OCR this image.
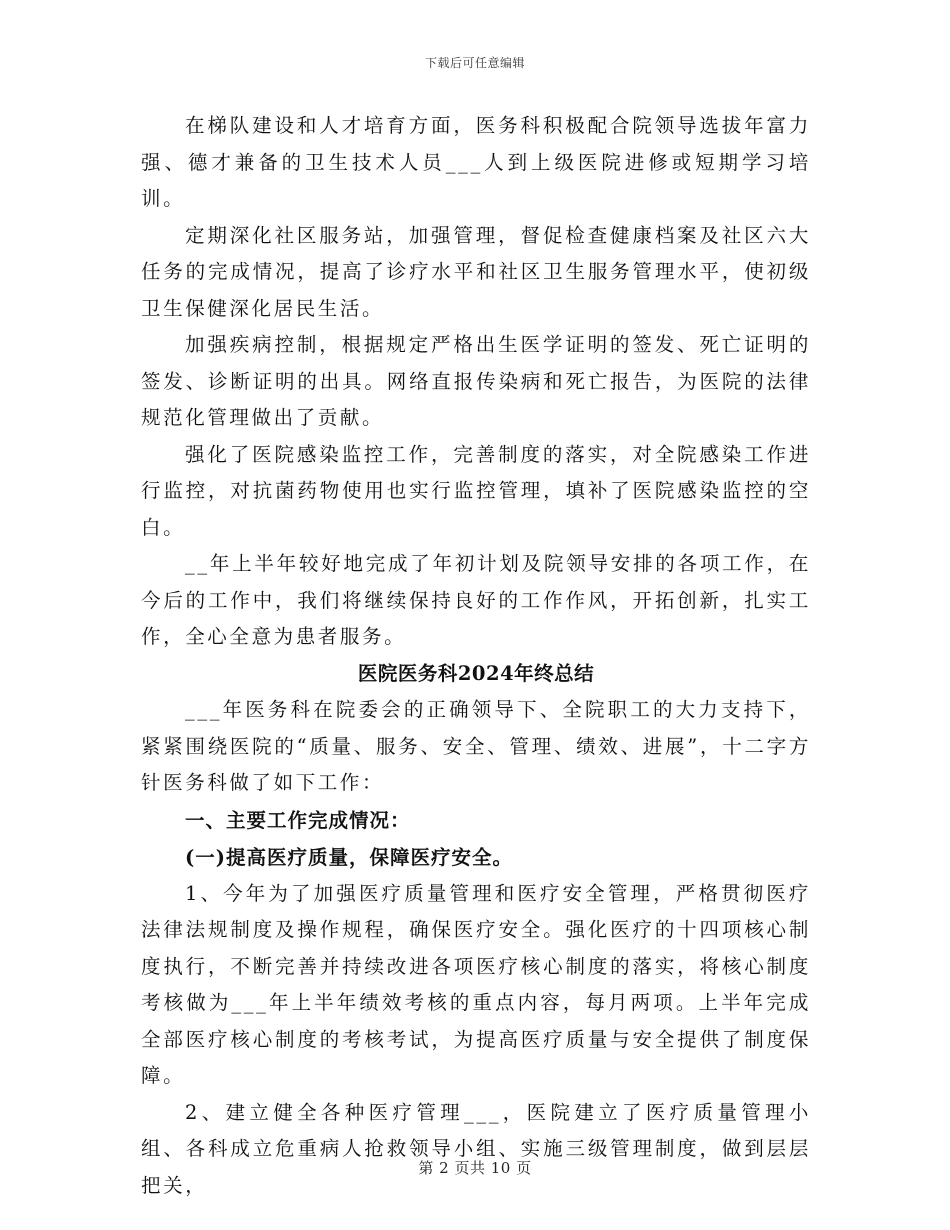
下载后可任意编辑

在梯队建设和人才培育方面，医务科积极配合院领导选拔年富力强、德才兼备的卫生技术人员___人到上级医院进修或短期学习培训。

定期深化社区服务站，加强管理，督促检查健康档案及社区六大任务的完成情况，提高了诊疗水平和社区卫生服务管理水平，使初级卫生保健深化居民生活。

加强疾病控制，根据规定严格出生医学证明的签发、死亡证明的签发、诊断证明的出具。网络直报传染病和死亡报告，为医院的法律规范化管理做出了贡献。

强化了医院感染监控工作，完善制度的落实，对全院感染工作进行监控，对抗菌药物使用也实行监控管理，填补了医院感染监控的空白。

__年上半年较好地完成了年初计划及院领导安排的各项工作，在今后的工作中，我们将继续保持良好的工作作风，开拓创新，扎实工作，全心全意为患者服务。

医院医务科2024年终总结

___年医务科在院委会的正确领导下、全院职工的大力支持下，紧紧围绕医院的“质量、服务、安全、管理、绩效、进展”，十二字方针医务科做了如下工作：

一、主要工作完成情况：

(一)提高医疗质量，保障医疗安全。

1、今年为了加强医疗质量管理和医疗安全管理，严格贯彻医疗法律法规制度及操作规程，确保医疗安全。强化医疗的十四项核心制度执行，不断完善并持续改进各项医疗核心制度的落实，将核心制度考核做为___年上半年绩效考核的重点内容，每月两项。上半年完成全部医疗核心制度的考核考试，为提高医疗质量与安全提供了制度保障。

2、建立健全各种医疗管理___，医院建立了医疗质量管理小组、各科成立危重病人抢救领导小组、实施三级管理制度，做到层层把关，

第 2 页共 10 页
